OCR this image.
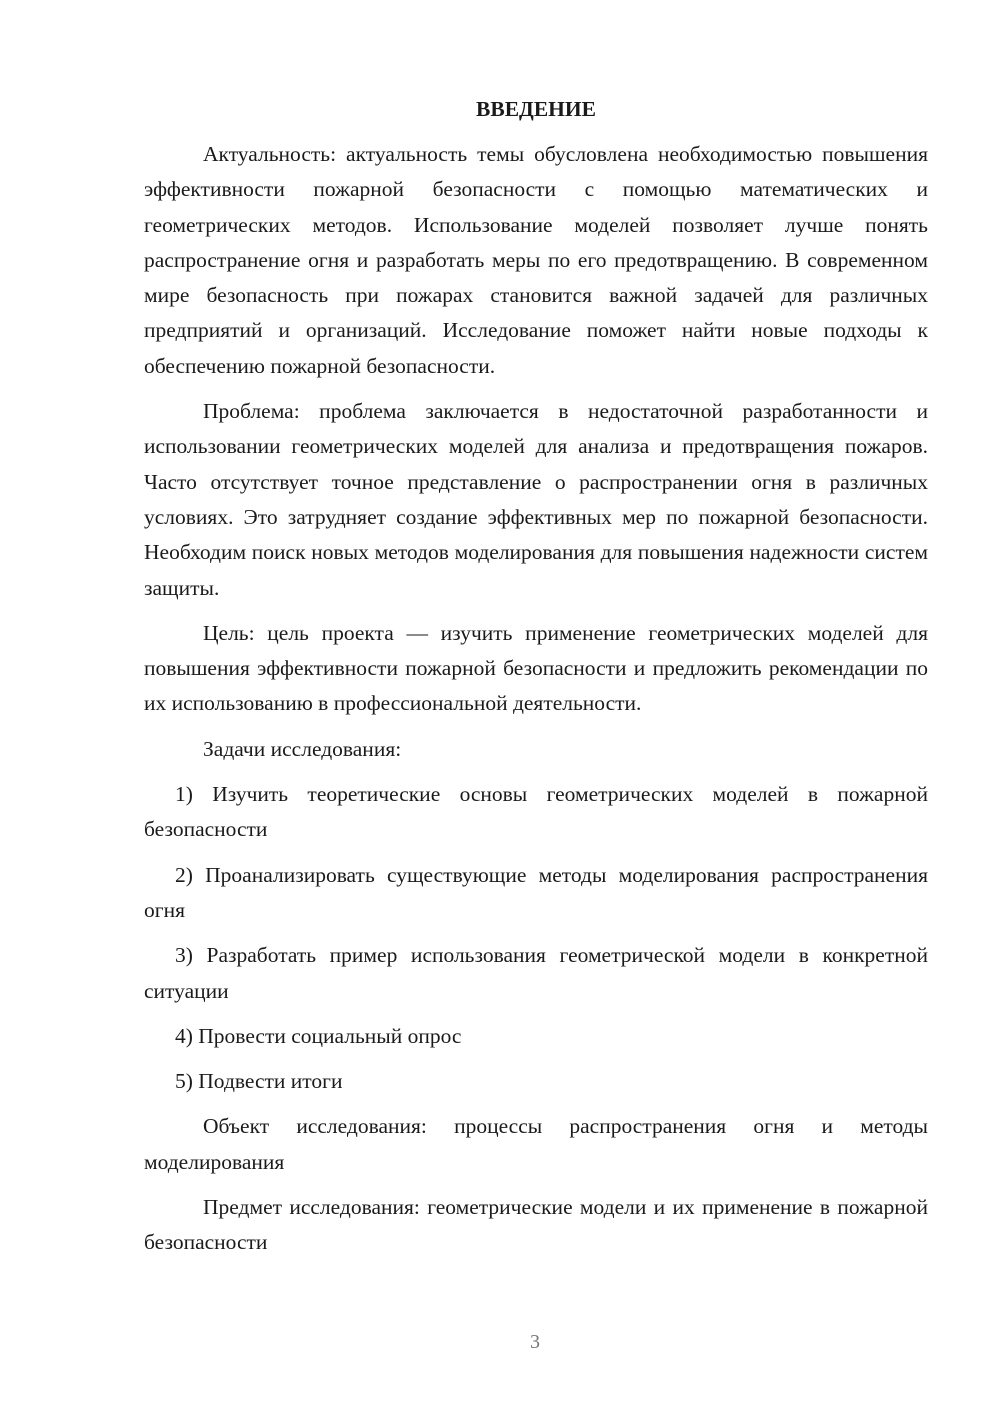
ВВЕДЕНИЕ

Актуальность: актуальность темы обусловлена необходимостью повышения эффективности пожарной безопасности с помощью математических и геометрических методов. Использование моделей позволяет лучше понять распространение огня и разработать меры по его предотвращению. В современном мире безопасность при пожарах становится важной задачей для различных предприятий и организаций. Исследование поможет найти новые подходы к обеспечению пожарной безопасности.

Проблема: проблема заключается в недостаточной разработанности и использовании геометрических моделей для анализа и предотвращения пожаров. Часто отсутствует точное представление о распространении огня в различных условиях. Это затрудняет создание эффективных мер по пожарной безопасности. Необходим поиск новых методов моделирования для повышения надежности систем защиты.

Цель: цель проекта — изучить применение геометрических моделей для повышения эффективности пожарной безопасности и предложить рекомендации по их использованию в профессиональной деятельности.

Задачи исследования:

1) Изучить теоретические основы геометрических моделей в пожарной безопасности

2) Проанализировать существующие методы моделирования распространения огня

3) Разработать пример использования геометрической модели в конкретной ситуации

4) Провести социальный опрос

5) Подвести итоги

Объект исследования: процессы распространения огня и методы моделирования

Предмет исследования: геометрические модели и их применение в пожарной безопасности

3
